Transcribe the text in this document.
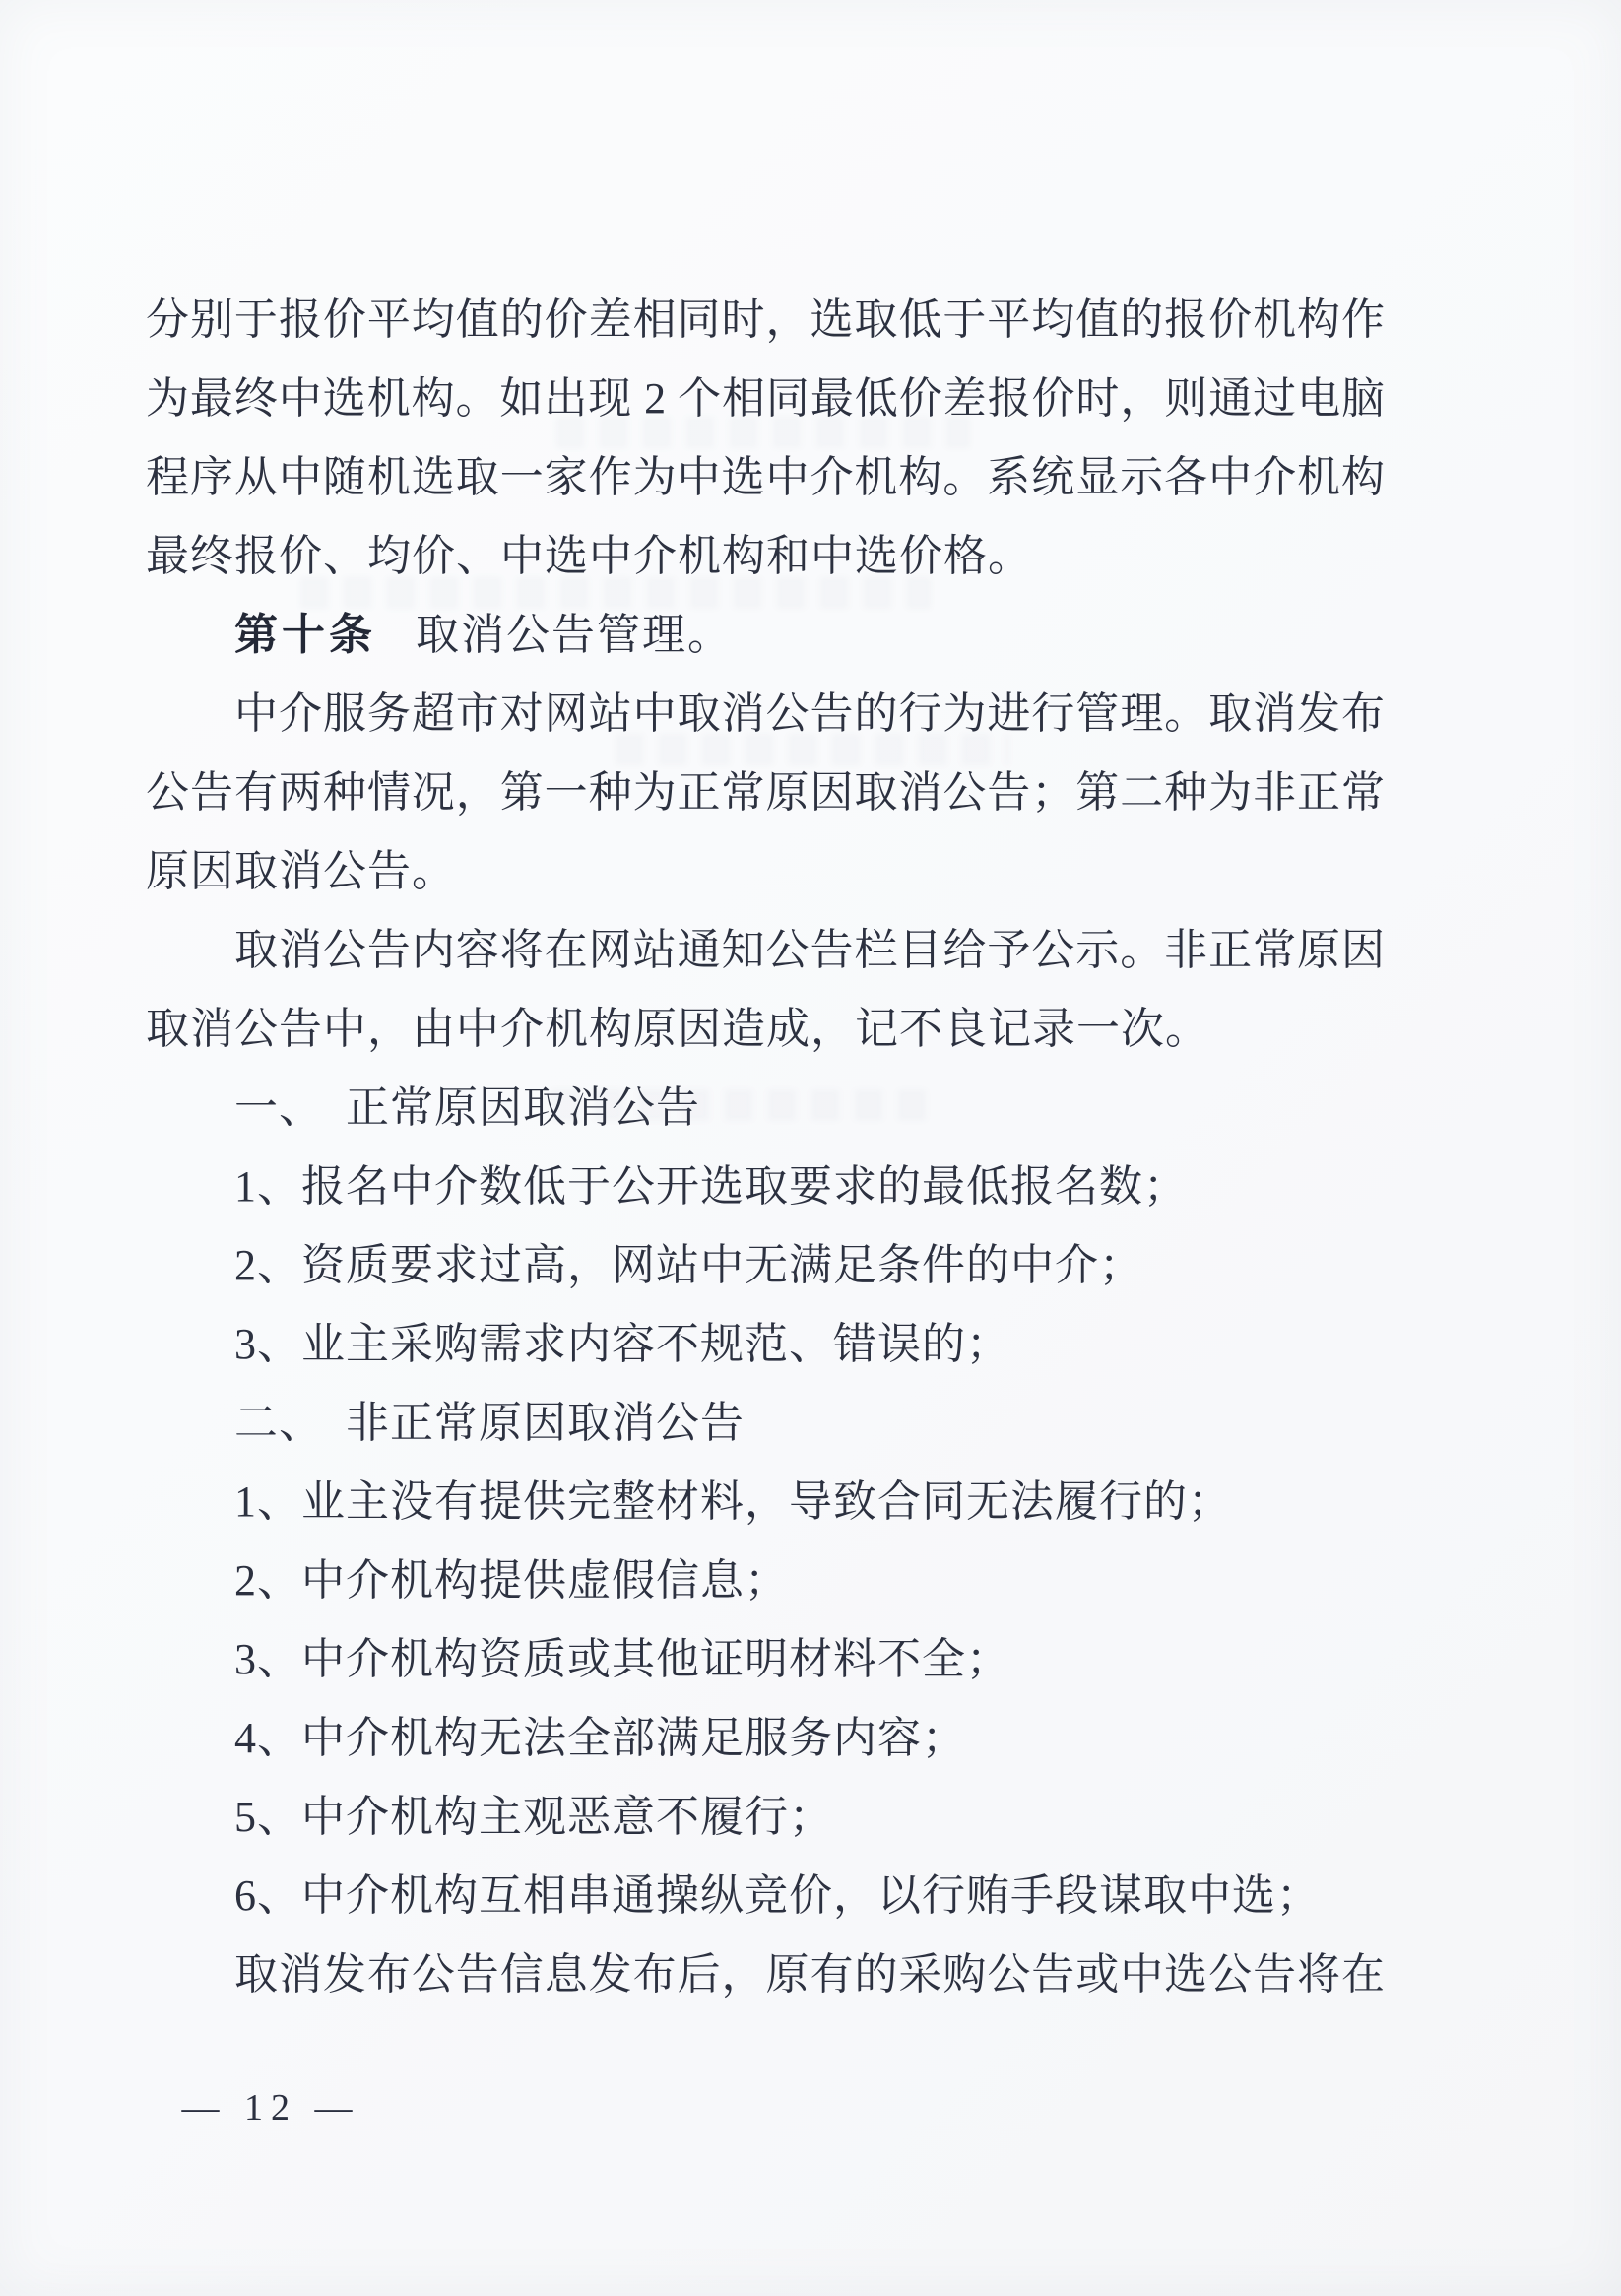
分别于报价平均值的价差相同时，选取低于平均值的报价机构作
为最终中选机构。如出现 2 个相同最低价差报价时，则通过电脑
程序从中随机选取一家作为中选中介机构。系统显示各中介机构
最终报价、均价、中选中介机构和中选价格。
第十条 取消公告管理。
中介服务超市对网站中取消公告的行为进行管理。取消发布
公告有两种情况，第一种为正常原因取消公告；第二种为非正常
原因取消公告。
取消公告内容将在网站通知公告栏目给予公示。非正常原因
取消公告中，由中介机构原因造成，记不良记录一次。
一、　正常原因取消公告
1、报名中介数低于公开选取要求的最低报名数；
2、资质要求过高，网站中无满足条件的中介；
3、业主采购需求内容不规范、错误的；
二、　非正常原因取消公告
1、业主没有提供完整材料，导致合同无法履行的；
2、中介机构提供虚假信息；
3、中介机构资质或其他证明材料不全；
4、中介机构无法全部满足服务内容；
5、中介机构主观恶意不履行；
6、中介机构互相串通操纵竞价，以行贿手段谋取中选；
取消发布公告信息发布后，原有的采购公告或中选公告将在
— 12 —
